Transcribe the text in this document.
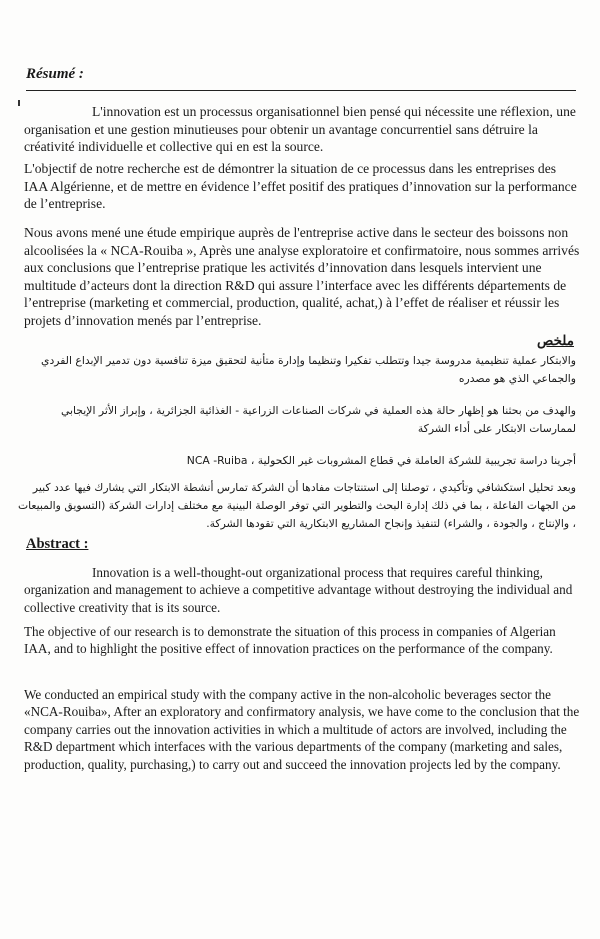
Résumé :

L'innovation est un processus organisationnel bien pensé qui nécessite une réflexion, une organisation et une gestion minutieuses pour obtenir un avantage concurrentiel sans détruire la créativité individuelle et collective qui en est la source.

L'objectif de notre recherche est de démontrer la situation de ce processus dans les entreprises des IAA Algérienne, et de mettre en évidence l’effet positif des pratiques d’innovation sur la performance de l’entreprise.

Nous avons mené une étude empirique auprès de l'entreprise active dans le secteur des boissons non alcoolisées la « NCA-Rouiba », Après une analyse exploratoire et confirmatoire, nous sommes arrivés aux conclusions que l’entreprise pratique les activités d’innovation dans lesquels intervient une multitude d’acteurs dont la direction R&D qui assure l’interface avec les différents départements de l’entreprise (marketing et commercial, production, qualité, achat,) à l’effet de réaliser et réussir les projets d’innovation menés par l’entreprise.

ملخص

والابتكار عملية تنظيمية مدروسة جيدا وتتطلب تفكيرا وتنظيما وإدارة متأنية لتحقيق ميزة تنافسية دون تدمير الإبداع الفردي والجماعي الذي هو مصدره

والهدف من بحثنا هو إظهار حالة هذه العملية في شركات الصناعات الزراعية - الغذائية الجزائرية ، وإبراز الأثر الإيجابي لممارسات الابتكار على أداء الشركة

أجرينا دراسة تجريبية للشركة العاملة في قطاع المشروبات غير الكحولية ، NCA -Ruiba

وبعد تحليل استكشافي وتأكيدي ، توصلنا إلى استنتاجات مفادها أن الشركة تمارس أنشطة الابتكار التي يشارك فيها عدد كبير من الجهات الفاعلة ، بما في ذلك إدارة البحث والتطوير التي توفر الوصلة البينية مع مختلف إدارات الشركة (التسويق والمبيعات ، والإنتاج ، والجودة ، والشراء) لتنفيذ وإنجاح المشاريع الابتكارية التي تقودها الشركة.

Abstract :

Innovation is a well-thought-out organizational process that requires careful thinking, organization and management to achieve a competitive advantage without destroying the individual and collective creativity that is its source.

The objective of our research is to demonstrate the situation of this process in companies of Algerian IAA, and to highlight the positive effect of innovation practices on the performance of the company.

We conducted an empirical study with the company active in the non-alcoholic beverages sector the «NCA-Rouiba», After an exploratory and confirmatory analysis, we have come to the conclusion that the company carries out the innovation activities in which a multitude of actors are involved, including the R&D department which interfaces with the various departments of the company (marketing and sales, production, quality, purchasing,) to carry out and succeed the innovation projects led by the company.
